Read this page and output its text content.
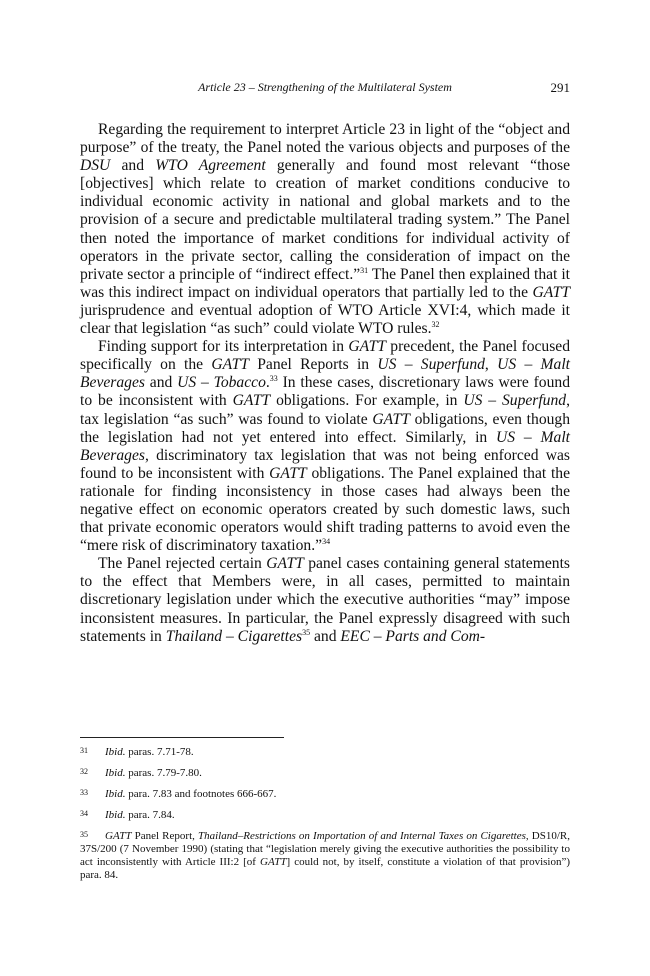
Article 23 – Strengthening of the Multilateral System	291

Regarding the requirement to interpret Article 23 in light of the “object and purpose” of the treaty, the Panel noted the various objects and purposes of the DSU and WTO Agreement generally and found most relevant “those [objectives] which relate to creation of market conditions conducive to individual economic activity in national and global markets and to the provision of a secure and predictable multilateral trading system.” The Panel then noted the importance of market conditions for individual activity of operators in the private sector, calling the consideration of impact on the private sector a principle of “indirect effect.”$^{31}$ The Panel then explained that it was this indirect impact on individual operators that partially led to the GATT jurisprudence and eventual adoption of WTO Article XVI:4, which made it clear that legislation “as such” could violate WTO rules.$^{32}$

Finding support for its interpretation in GATT precedent, the Panel focused specifically on the GATT Panel Reports in US – Superfund, US – Malt Beverages and US – Tobacco.$^{33}$ In these cases, discretionary laws were found to be inconsistent with GATT obligations. For example, in US – Superfund, tax legislation “as such” was found to violate GATT obligations, even though the legislation had not yet entered into effect. Similarly, in US – Malt Beverages, discriminatory tax legislation that was not being enforced was found to be inconsistent with GATT obligations. The Panel explained that the rationale for finding inconsistency in those cases had always been the negative effect on economic operators created by such domestic laws, such that private economic operators would shift trading patterns to avoid even the “mere risk of discriminatory taxation.”$^{34}$

The Panel rejected certain GATT panel cases containing general statements to the effect that Members were, in all cases, permitted to maintain discretionary legislation under which the executive authorities “may” impose inconsistent measures. In particular, the Panel expressly disagreed with such statements in Thailand – Cigarettes$^{35}$ and EEC – Parts and Com-

31 Ibid. paras. 7.71-78.
32 Ibid. paras. 7.79-7.80.
33 Ibid. para. 7.83 and footnotes 666-667.
34 Ibid. para. 7.84.
35 GATT Panel Report, Thailand–Restrictions on Importation of and Internal Taxes on Cigarettes, DS10/R, 37S/200 (7 November 1990) (stating that “legislation merely giving the executive authorities the possibility to act inconsistently with Article III:2 [of GATT] could not, by itself, constitute a violation of that provision”) para. 84.
